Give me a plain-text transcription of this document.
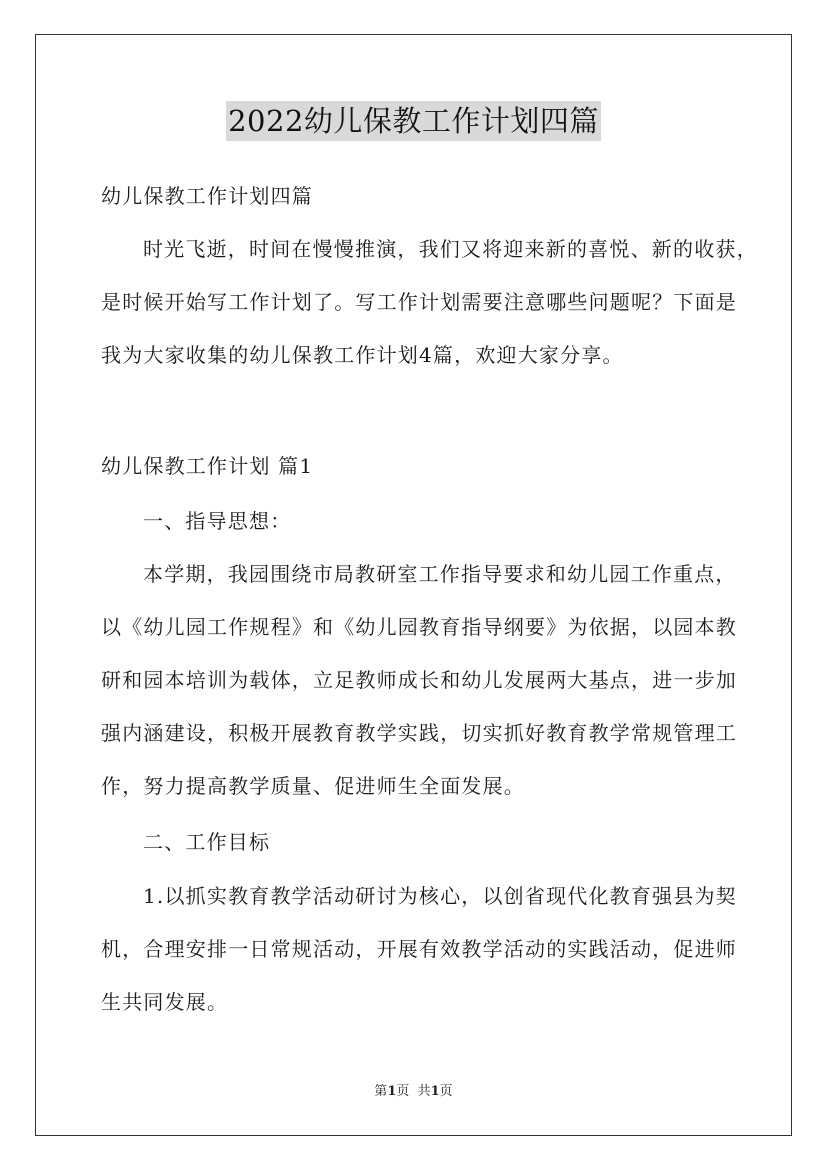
2022幼儿保教工作计划四篇
幼儿保教工作计划四篇
时光飞逝，时间在慢慢推演，我们又将迎来新的喜悦、新的收获，
是时候开始写工作计划了。写工作计划需要注意哪些问题呢？下面是
我为大家收集的幼儿保教工作计划4篇，欢迎大家分享。
幼儿保教工作计划 篇1
一、指导思想：
本学期，我园围绕市局教研室工作指导要求和幼儿园工作重点，
以《幼儿园工作规程》和《幼儿园教育指导纲要》为依据，以园本教
研和园本培训为载体，立足教师成长和幼儿发展两大基点，进一步加
强内涵建设，积极开展教育教学实践，切实抓好教育教学常规管理工
作，努力提高教学质量、促进师生全面发展。
二、工作目标
1.以抓实教育教学活动研讨为核心，以创省现代化教育强县为契
机，合理安排一日常规活动，开展有效教学活动的实践活动，促进师
生共同发展。
第1页  共1页
